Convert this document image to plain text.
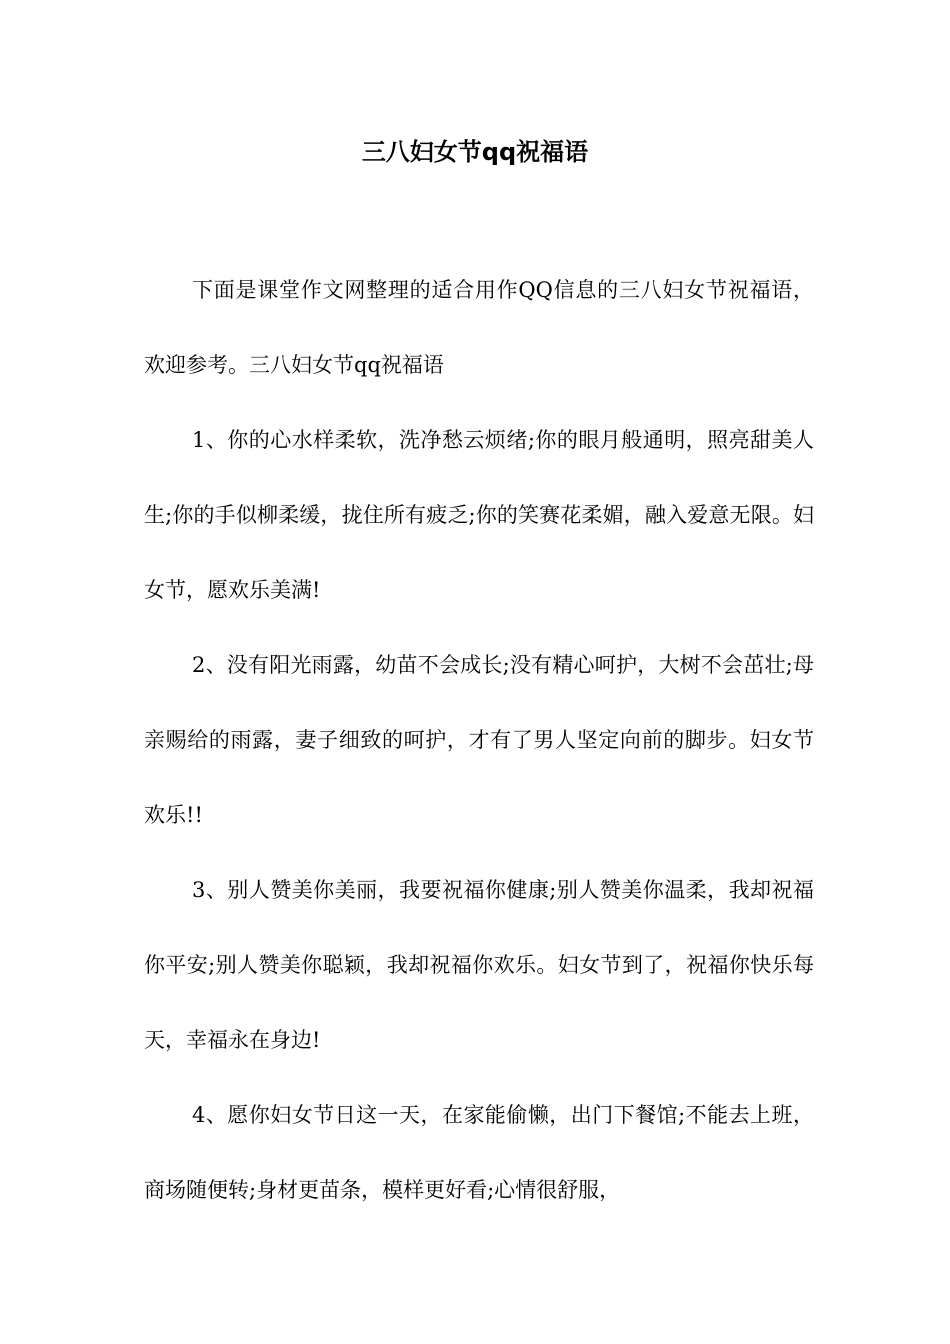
三八妇女节qq祝福语

下面是课堂作文网整理的适合用作QQ信息的三八妇女节祝福语，欢迎参考。三八妇女节qq祝福语

1、你的心水样柔软，洗净愁云烦绪;你的眼月般通明，照亮甜美人生;你的手似柳柔缓，拢住所有疲乏;你的笑赛花柔媚，融入爱意无限。妇女节，愿欢乐美满!

2、没有阳光雨露，幼苗不会成长;没有精心呵护，大树不会茁壮;母亲赐给的雨露，妻子细致的呵护，才有了男人坚定向前的脚步。妇女节欢乐!!

3、别人赞美你美丽，我要祝福你健康;别人赞美你温柔，我却祝福你平安;别人赞美你聪颖，我却祝福你欢乐。妇女节到了，祝福你快乐每天，幸福永在身边!

4、愿你妇女节日这一天，在家能偷懒，出门下餐馆;不能去上班，商场随便转;身材更苗条，模样更好看;心情很舒服，
